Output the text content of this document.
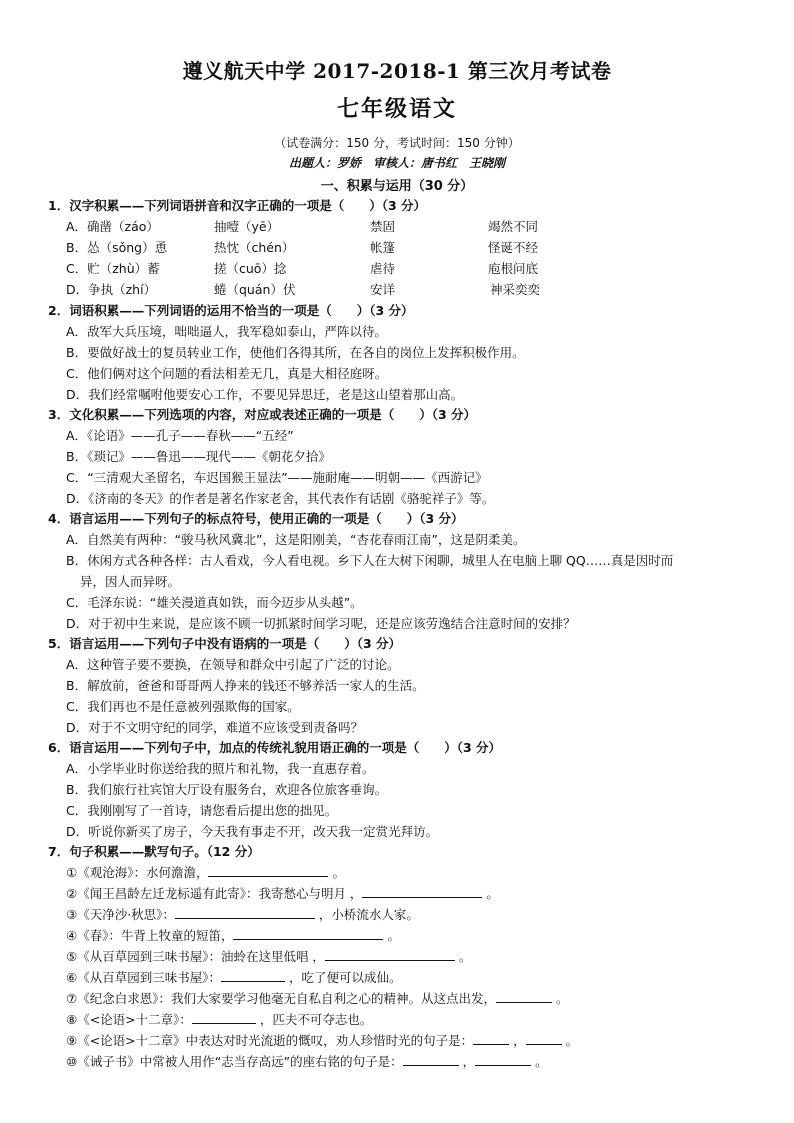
遵义航天中学 2017-2018-1 第三次月考试卷
七年级语文
（试卷满分：150 分，考试时间：150 分钟）
出题人：罗娇　审核人：唐书红　王晓刚
一、积累与运用（30 分）
1．汉字积累——下列词语拼音和汉字正确的一项是（　　）（3 分）
A．确凿（záo）	抽噎（yē）	禁固	竭然不同
B．怂（sǒng）恿	热忱（chén）	帐篷	怪诞不经
C．贮（zhù）蓄	搓（cuō）捻	虐待	庖根问底
D．争执（zhí）	蜷（quán）伏	安详	神采奕奕
2．词语积累——下列词语的运用不恰当的一项是（　　）（3 分）
A．敌军大兵压境，咄咄逼人，我军稳如泰山，严阵以待。
B．要做好战士的复员转业工作，使他们各得其所，在各自的岗位上发挥积极作用。
C．他们俩对这个问题的看法相差无几，真是大相径庭呀。
D．我们经常嘱咐他要安心工作，不要见异思迁，老是这山望着那山高。
3．文化积累——下列选项的内容，对应或表述正确的一项是（　　）（3 分）
A．《论语》——孔子——春秋——“五经”
B．《琐记》——鲁迅——现代——《朝花夕拾》
C．“三清观大圣留名，车迟国猴王显法”——施耐庵——明朝——《西游记》
D．《济南的冬天》的作者是著名作家老舍，其代表作有话剧《骆驼祥子》等。
4．语言运用——下列句子的标点符号，使用正确的一项是（　　）（3 分）
A．自然美有两种：“骏马秋风冀北”，这是阳刚美，“杏花春雨江南”，这是阴柔美。
B．休闲方式各种各样：古人看戏，今人看电视。乡下人在大树下闲聊，城里人在电脑上聊 QQ……真是因时而
异，因人而异呀。
C．毛泽东说：“雄关漫道真如铁，而今迈步从头越”。
D．对于初中生来说，是应该不顾一切抓紧时间学习呢，还是应该劳逸结合注意时间的安排？
5．语言运用——下列句子中没有语病的一项是（　　）（3 分）
A．这种管子要不要换，在领导和群众中引起了广泛的讨论。
B．解放前，爸爸和哥哥两人挣来的钱还不够养活一家人的生活。
C．我们再也不是任意被列强欺侮的国家。
D．对于不文明守纪的同学，难道不应该受到责备吗？
6．语言运用——下列句子中，加点的传统礼貌用语正确的一项是（　　）（3 分）
A．小学毕业时你送给我的照片和礼物，我一直惠存着。
B．我们旅行社宾馆大厅设有服务台，欢迎各位旅客垂询。
C．我刚刚写了一首诗，请您看后提出您的拙见。
D．听说你新买了房子，今天我有事走不开，改天我一定赏光拜访。
7．句子积累——默写句子。（12 分）
①《观沧海》：水何澹澹，	。
②《闻王昌龄左迁龙标遥有此寄》：我寄愁心与明月 ，	。
③《天净沙·秋思》：	，小桥流水人家。
④《春》：牛背上牧童的短笛，	。
⑤《从百草园到三味书屋》：油蛉在这里低唱 ，	。
⑥《从百草园到三味书屋》：	，吃了便可以成仙。
⑦《纪念白求恩》：我们大家要学习他毫无自私自利之心的精神。从这点出发，	。
⑧《<论语>十二章》：	，匹夫不可夺志也。
⑨《<论语>十二章》中表达对时光流逝的慨叹，劝人珍惜时光的句子是：	，	。
⑩《诫子书》中常被人用作“志当存高远”的座右铭的句子是：	，	。
